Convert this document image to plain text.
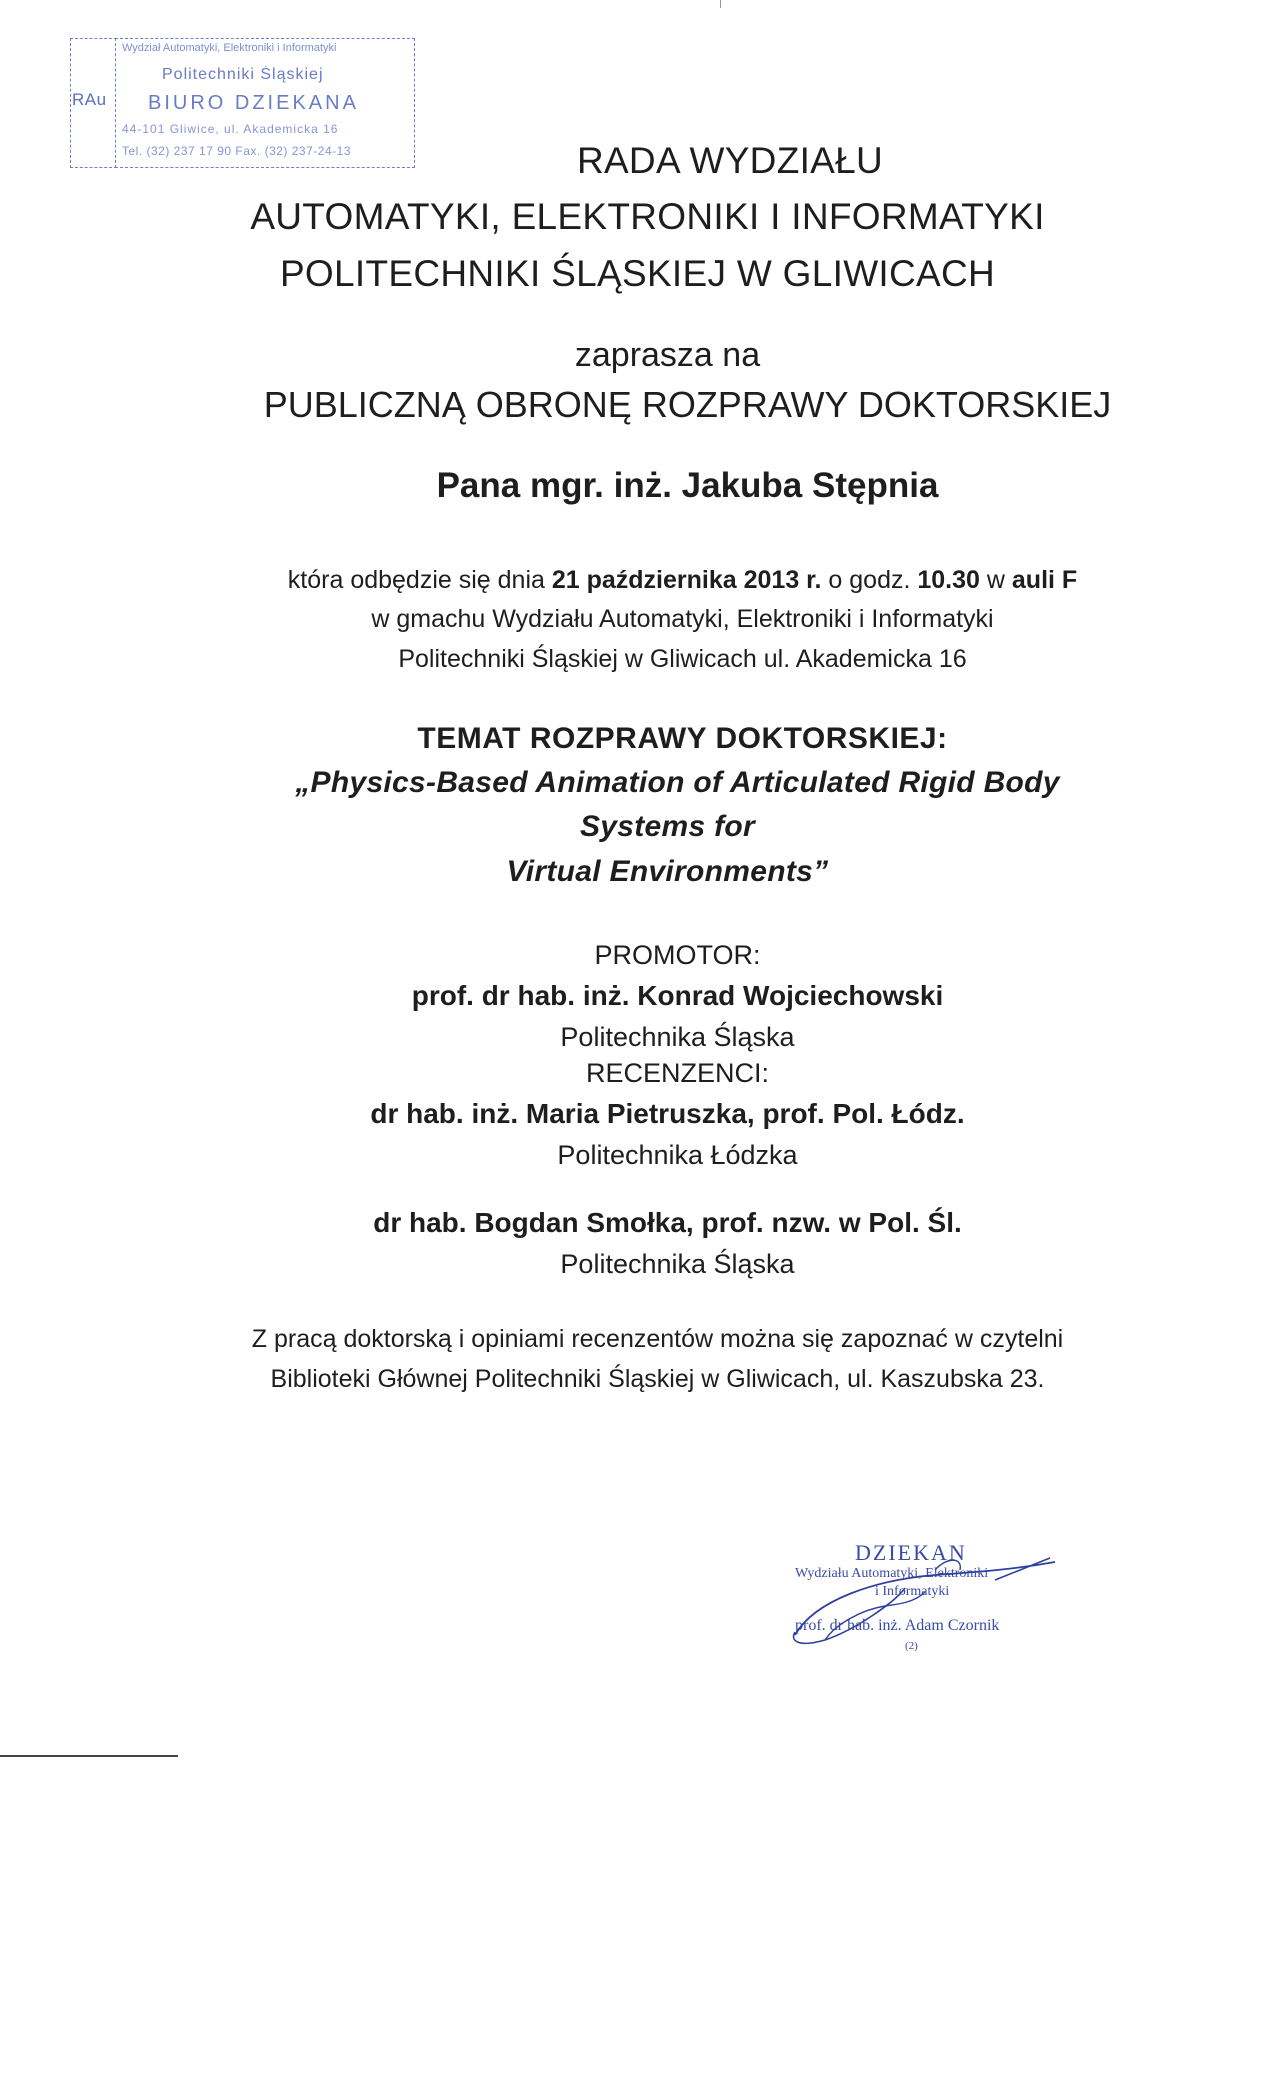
RAu
Wydział Automatyki, Elektroniki i Informatyki
Politechniki Śląskiej
BIURO DZIEKANA
44-101 Gliwice, ul. Akademicka 16
Tel. (32) 237 17 90 Fax. (32) 237-24-13	RADA WYDZIAŁU
AUTOMATYKI, ELEKTRONIKI I INFORMATYKI
POLITECHNIKI ŚLĄSKIEJ W GLIWICACH
zaprasza na
PUBLICZNĄ OBRONĘ ROZPRAWY DOKTORSKIEJ
Pana mgr. inż. Jakuba Stępnia
która odbędzie się dnia 21 października 2013 r. o godz. 10.30 w auli F
w gmachu Wydziału Automatyki, Elektroniki i Informatyki
Politechniki Śląskiej w Gliwicach ul. Akademicka 16
TEMAT ROZPRAWY DOKTORSKIEJ:
„Physics-Based Animation of Articulated Rigid Body
Systems for
Virtual Environments”
PROMOTOR:
prof. dr hab. inż. Konrad Wojciechowski
Politechnika Śląska
RECENZENCI:
dr hab. inż. Maria Pietruszka, prof. Pol. Łódz.
Politechnika Łódzka
dr hab. Bogdan Smołka, prof. nzw. w Pol. Śl.
Politechnika Śląska
Z pracą doktorską i opiniami recenzentów można się zapoznać w czytelni
Biblioteki Głównej Politechniki Śląskiej w Gliwicach, ul. Kaszubska 23.
DZIEKAN
Wydziału Automatyki, Elektroniki
i Informatyki
prof. dr hab. inż. Adam Czornik
(2)
